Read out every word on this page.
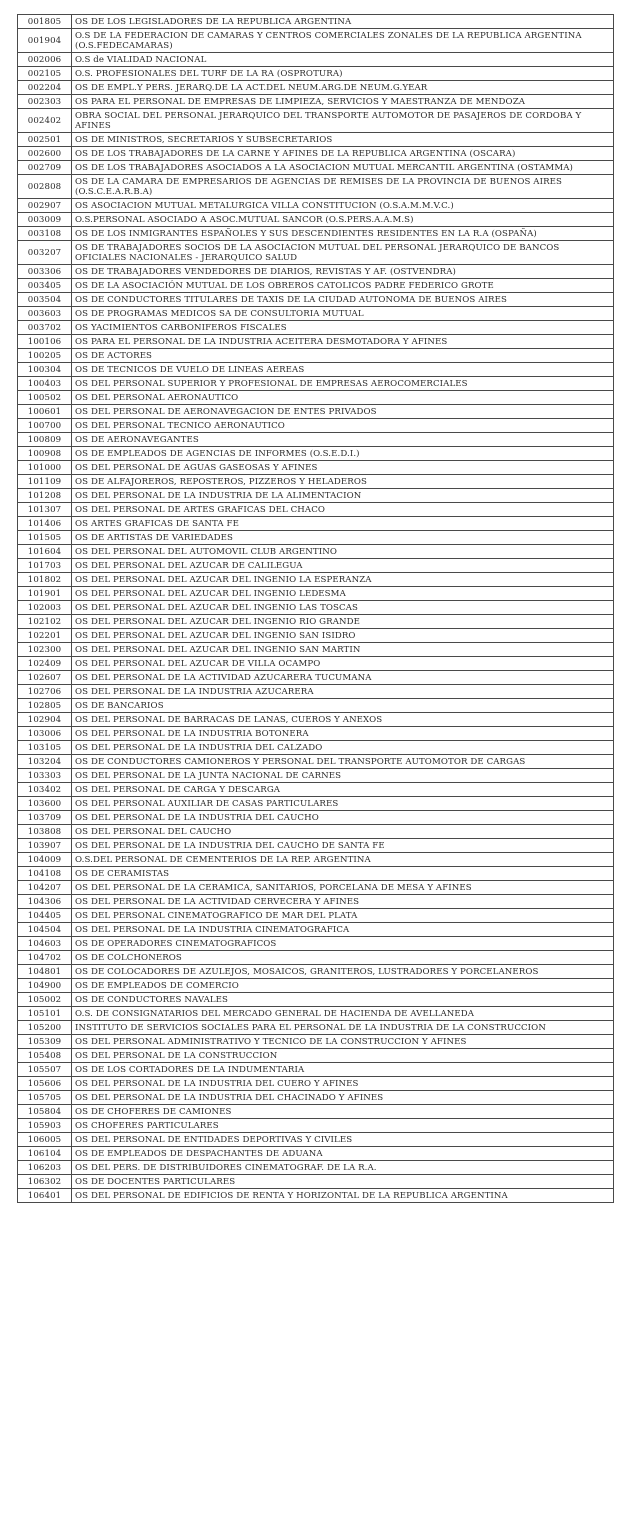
001805	OS DE LOS LEGISLADORES DE LA REPUBLICA ARGENTINA
001904	O.S DE LA FEDERACION DE CAMARAS Y CENTROS COMERCIALES ZONALES DE LA REPUBLICA ARGENTINA (O.S.FEDECAMARAS)
002006	O.S de VIALIDAD NACIONAL
002105	O.S. PROFESIONALES DEL TURF DE LA RA (OSPROTURA)
002204	OS DE EMPL.Y PERS. JERARQ.DE LA ACT.DEL NEUM.ARG.DE NEUM.G.YEAR
002303	OS PARA EL PERSONAL DE EMPRESAS DE LIMPIEZA, SERVICIOS Y MAESTRANZA DE MENDOZA
002402	OBRA SOCIAL DEL PERSONAL JERARQUICO DEL TRANSPORTE AUTOMOTOR DE PASAJEROS DE CORDOBA Y AFINES
002501	OS DE MINISTROS, SECRETARIOS Y SUBSECRETARIOS
002600	OS DE LOS TRABAJADORES DE LA CARNE Y AFINES DE LA REPUBLICA ARGENTINA (OSCARA)
002709	OS DE LOS TRABAJADORES ASOCIADOS A LA ASOCIACION MUTUAL MERCANTIL ARGENTINA (OSTAMMA)
002808	OS DE LA CAMARA DE EMPRESARIOS DE AGENCIAS DE REMISES DE LA PROVINCIA DE BUENOS AIRES (O.S.C.E.A.R.B.A)
002907	OS ASOCIACION MUTUAL METALURGICA VILLA CONSTITUCION (O.S.A.M.M.V.C.)
003009	O.S.PERSONAL ASOCIADO A ASOC.MUTUAL SANCOR (O.S.PERS.A.A.M.S)
003108	OS DE LOS INMIGRANTES ESPAÑOLES Y SUS DESCENDIENTES RESIDENTES EN LA R.A (OSPAÑA)
003207	OS DE TRABAJADORES SOCIOS DE LA ASOCIACION MUTUAL DEL PERSONAL JERARQUICO DE BANCOS OFICIALES NACIONALES - JERARQUICO SALUD
003306	OS DE TRABAJADORES VENDEDORES DE DIARIOS, REVISTAS Y AF. (OSTVENDRA)
003405	OS DE LA ASOCIACIÓN MUTUAL DE LOS OBREROS CATOLICOS PADRE FEDERICO GROTE
003504	OS DE CONDUCTORES TITULARES DE TAXIS DE LA CIUDAD AUTONOMA DE BUENOS AIRES
003603	OS DE PROGRAMAS MEDICOS SA DE CONSULTORIA MUTUAL
003702	OS YACIMIENTOS CARBONIFEROS FISCALES
100106	OS PARA EL PERSONAL DE LA INDUSTRIA ACEITERA DESMOTADORA Y AFINES
100205	OS DE ACTORES
100304	OS DE TECNICOS DE VUELO DE LINEAS AEREAS
100403	OS DEL PERSONAL SUPERIOR Y PROFESIONAL DE EMPRESAS AEROCOMERCIALES
100502	OS DEL PERSONAL AERONAUTICO
100601	OS DEL PERSONAL DE AERONAVEGACION DE ENTES PRIVADOS
100700	OS DEL PERSONAL TECNICO AERONAUTICO
100809	OS DE AERONAVEGANTES
100908	OS DE EMPLEADOS DE AGENCIAS DE INFORMES (O.S.E.D.I.)
101000	OS DEL PERSONAL DE AGUAS GASEOSAS Y AFINES
101109	OS DE ALFAJOREROS, REPOSTEROS, PIZZEROS Y HELADEROS
101208	OS DEL PERSONAL DE LA INDUSTRIA DE LA ALIMENTACION
101307	OS DEL PERSONAL DE ARTES GRAFICAS DEL CHACO
101406	OS ARTES GRAFICAS DE SANTA FE
101505	OS DE ARTISTAS DE VARIEDADES
101604	OS DEL PERSONAL DEL AUTOMOVIL CLUB ARGENTINO
101703	OS DEL PERSONAL DEL AZUCAR DE CALILEGUA
101802	OS DEL PERSONAL DEL AZUCAR DEL INGENIO LA ESPERANZA
101901	OS DEL PERSONAL DEL AZUCAR DEL INGENIO LEDESMA
102003	OS DEL PERSONAL DEL AZUCAR DEL INGENIO LAS TOSCAS
102102	OS DEL PERSONAL DEL AZUCAR DEL INGENIO RIO GRANDE
102201	OS DEL PERSONAL DEL AZUCAR DEL INGENIO SAN ISIDRO
102300	OS DEL PERSONAL DEL AZUCAR DEL INGENIO SAN MARTIN
102409	OS DEL PERSONAL DEL AZUCAR DE VILLA OCAMPO
102607	OS DEL PERSONAL DE LA ACTIVIDAD AZUCARERA TUCUMANA
102706	OS DEL PERSONAL DE LA INDUSTRIA AZUCARERA
102805	OS DE BANCARIOS
102904	OS DEL PERSONAL DE BARRACAS DE LANAS, CUEROS Y ANEXOS
103006	OS DEL PERSONAL DE LA INDUSTRIA BOTONERA
103105	OS DEL PERSONAL DE LA INDUSTRIA DEL CALZADO
103204	OS DE CONDUCTORES CAMIONEROS Y PERSONAL DEL TRANSPORTE AUTOMOTOR DE CARGAS
103303	OS DEL PERSONAL DE LA JUNTA NACIONAL DE CARNES
103402	OS DEL PERSONAL DE CARGA Y DESCARGA
103600	OS DEL PERSONAL AUXILIAR DE CASAS PARTICULARES
103709	OS DEL PERSONAL DE LA INDUSTRIA DEL CAUCHO
103808	OS DEL PERSONAL DEL CAUCHO
103907	OS DEL PERSONAL DE LA INDUSTRIA DEL CAUCHO DE SANTA FE
104009	O.S.DEL PERSONAL DE CEMENTERIOS DE LA REP. ARGENTINA
104108	OS DE CERAMISTAS
104207	OS DEL PERSONAL DE LA CERAMICA, SANITARIOS, PORCELANA DE MESA Y AFINES
104306	OS DEL PERSONAL DE LA ACTIVIDAD CERVECERA Y AFINES
104405	OS DEL PERSONAL CINEMATOGRAFICO DE MAR DEL PLATA
104504	OS DEL PERSONAL DE LA INDUSTRIA CINEMATOGRAFICA
104603	OS DE OPERADORES CINEMATOGRAFICOS
104702	OS DE COLCHONEROS
104801	OS DE COLOCADORES DE AZULEJOS, MOSAICOS, GRANITEROS, LUSTRADORES Y PORCELANEROS
104900	OS DE EMPLEADOS DE COMERCIO
105002	OS DE CONDUCTORES NAVALES
105101	O.S. DE CONSIGNATARIOS DEL MERCADO GENERAL DE HACIENDA DE AVELLANEDA
105200	INSTITUTO DE SERVICIOS SOCIALES PARA EL PERSONAL DE LA INDUSTRIA DE LA CONSTRUCCION
105309	OS DEL PERSONAL ADMINISTRATIVO Y TECNICO DE LA CONSTRUCCION Y AFINES
105408	OS DEL PERSONAL DE LA CONSTRUCCION
105507	OS DE LOS CORTADORES DE LA INDUMENTARIA
105606	OS DEL PERSONAL DE LA INDUSTRIA DEL CUERO Y AFINES
105705	OS DEL PERSONAL DE LA INDUSTRIA DEL CHACINADO Y AFINES
105804	OS DE CHOFERES DE CAMIONES
105903	OS CHOFERES PARTICULARES
106005	OS DEL PERSONAL DE ENTIDADES DEPORTIVAS Y CIVILES
106104	OS DE EMPLEADOS DE DESPACHANTES DE ADUANA
106203	OS DEL PERS. DE DISTRIBUIDORES CINEMATOGRAF. DE LA R.A.
106302	OS DE DOCENTES PARTICULARES
106401	OS DEL PERSONAL DE EDIFICIOS DE RENTA Y HORIZONTAL DE LA REPUBLICA ARGENTINA
